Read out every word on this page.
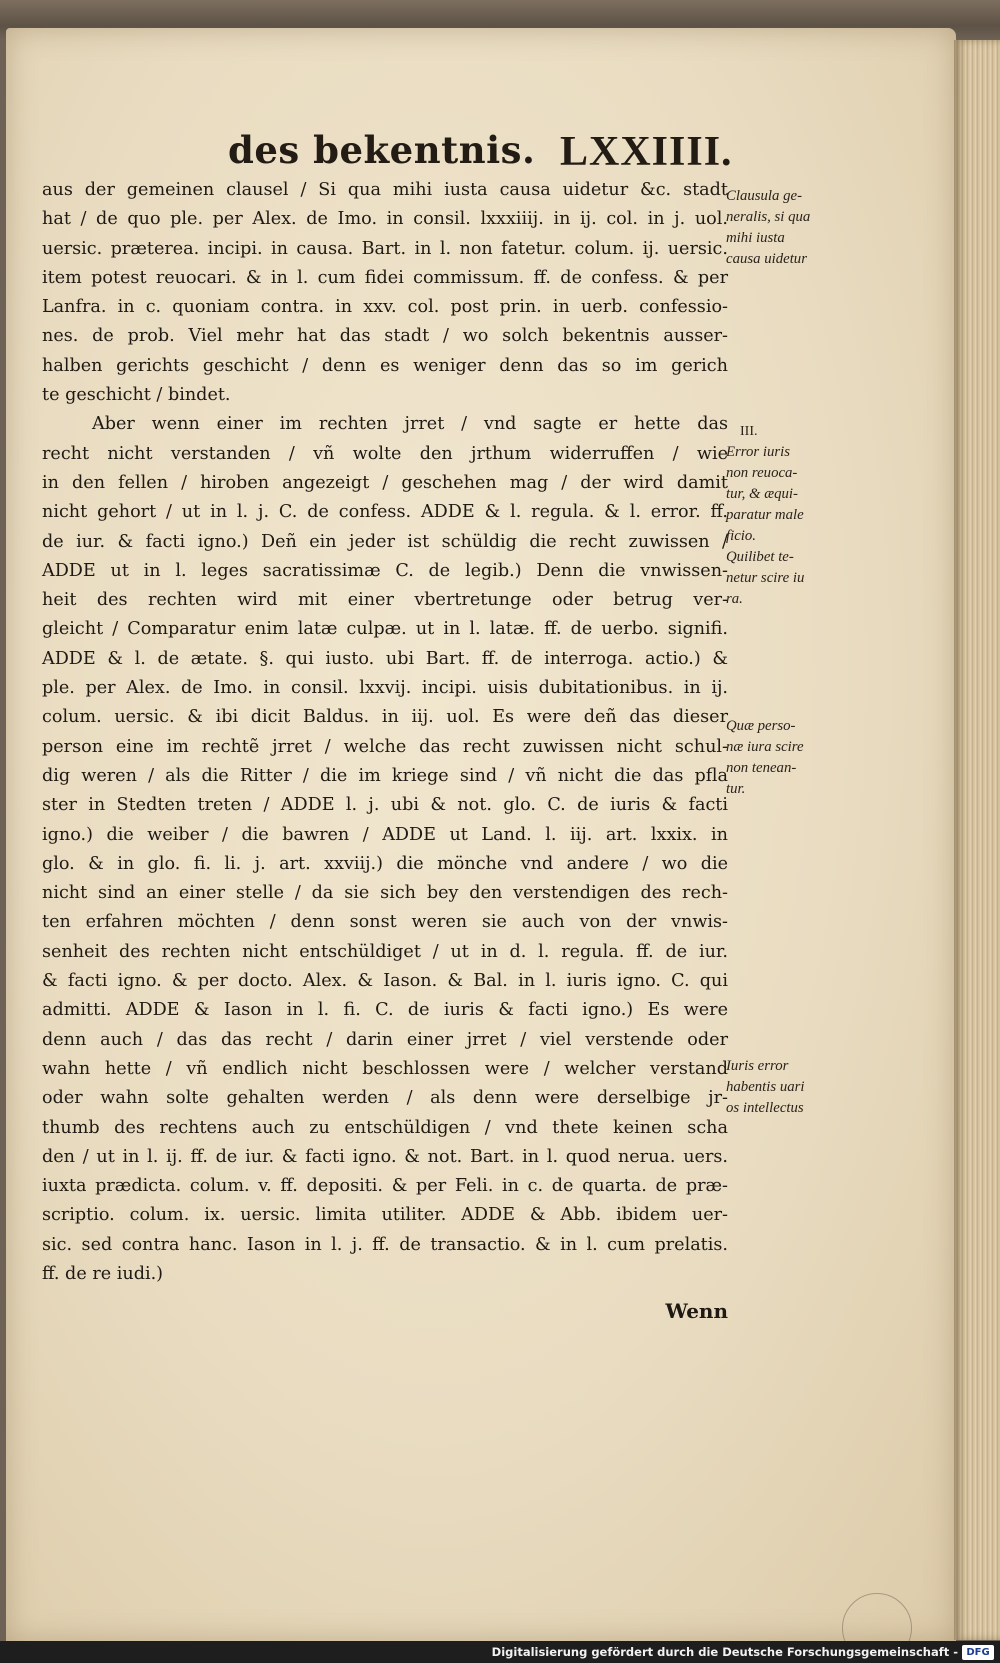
des bekentnis. LXXIIII.
aus der gemeinen clausel / Si qua mihi iusta causa uidetur &c. stadt
hat / de quo ple. per Alex. de Imo. in consil. lxxxiiij. in ij. col. in j. uol.
uersic. præterea. incipi. in causa. Bart. in l. non fatetur. colum. ij. uersic.
item potest reuocari. & in l. cum fidei commissum. ff. de confess. & per
Lanfra. in c. quoniam contra. in xxv. col. post prin. in uerb. confessio-
nes. de prob. Viel mehr hat das stadt / wo solch bekentnis ausser-
halben gerichts geschicht / denn es weniger denn das so im gerich
te geschicht / bindet.
Aber wenn einer im rechten jrret / vnd sagte er hette das
recht nicht verstanden / vñ wolte den jrthum widerruffen / wie
in den fellen / hiroben angezeigt / geschehen mag / der wird damit
nicht gehort / ut in l. j. C. de confess. ADDE & l. regula. & l. error. ff.
de iur. & facti igno.) Deñ ein jeder ist schüldig die recht zuwissen /
ADDE ut in l. leges sacratissimæ C. de legib.) Denn die vnwissen-
heit des rechten wird mit einer vbertretunge oder betrug ver-
gleicht / Comparatur enim latæ culpæ. ut in l. latæ. ff. de uerbo. signifi.
ADDE & l. de ætate. §. qui iusto. ubi Bart. ff. de interroga. actio.) &
ple. per Alex. de Imo. in consil. lxxvij. incipi. uisis dubitationibus. in ij.
colum. uersic. & ibi dicit Baldus. in iij. uol. Es were deñ das dieser
person eine im rechtẽ jrret / welche das recht zuwissen nicht schul-
dig weren / als die Ritter / die im kriege sind / vñ nicht die das pfla
ster in Stedten treten / ADDE l. j. ubi & not. glo. C. de iuris & facti
igno.) die weiber / die bawren / ADDE ut Land. l. iij. art. lxxix. in
glo. & in glo. fi. li. j. art. xxviij.) die mönche vnd andere / wo die
nicht sind an einer stelle / da sie sich bey den verstendigen des rech-
ten erfahren möchten / denn sonst weren sie auch von der vnwis-
senheit des rechten nicht entschüldiget / ut in d. l. regula. ff. de iur.
& facti igno. & per docto. Alex. & Iason. & Bal. in l. iuris igno. C. qui
admitti. ADDE & Iason in l. fi. C. de iuris & facti igno.) Es were
denn auch / das das recht / darin einer jrret / viel verstende oder
wahn hette / vñ endlich nicht beschlossen were / welcher verstand
oder wahn solte gehalten werden / als denn were derselbige jr-
thumb des rechtens auch zu entschüldigen / vnd thete keinen scha
den / ut in l. ij. ff. de iur. & facti igno. & not. Bart. in l. quod nerua. uers.
iuxta prædicta. colum. v. ff. depositi. & per Feli. in c. de quarta. de præ-
scriptio. colum. ix. uersic. limita utiliter. ADDE & Abb. ibidem uer-
sic. sed contra hanc. Iason in l. j. ff. de transactio. & in l. cum prelatis.
ff. de re iudi.)
Wenn
Clausula ge-
neralis, si qua
mihi iusta
causa uidetur
III.
Error iuris
non reuoca-
tur, & æqui-
paratur male
ficio.
Quilibet te-
netur scire iu
ra.
Quæ perso-
næ iura scire
non tenean-
tur.
Iuris error
habentis uari
os intellectus
Digitalisierung gefördert durch die Deutsche Forschungsgemeinschaft - DFG
